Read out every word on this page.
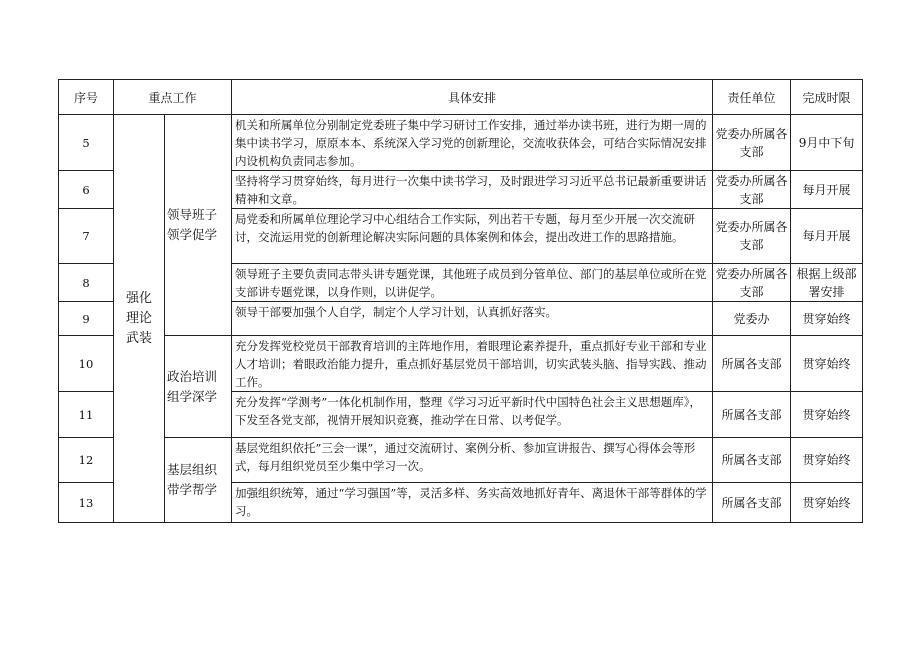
序号	重点工作		具体安排	责任单位	完成时限
5	强化理论武装	领导班子领学促学	机关和所属单位分别制定党委班子集中学习研讨工作安排，通过举办读书班，进行为期一周的集中读书学习，原原本本、系统深入学习党的创新理论，交流收获体会，可结合实际情况安排内设机构负责同志参加。	党委办所属各支部	9月中下旬
6			坚持将学习贯穿始终，每月进行一次集中读书学习，及时跟进学习习近平总书记最新重要讲话精神和文章。	党委办所属各支部	每月开展
7			局党委和所属单位理论学习中心组结合工作实际，列出若干专题，每月至少开展一次交流研讨，交流运用党的创新理论解决实际问题的具体案例和体会，提出改进工作的思路措施。	党委办所属各支部	每月开展
8			领导班子主要负责同志带头讲专题党课，其他班子成员到分管单位、部门的基层单位或所在党支部讲专题党课，以身作则，以讲促学。	党委办所属各支部	根据上级部署安排
9			领导干部要加强个人自学，制定个人学习计划，认真抓好落实。	党委办	贯穿始终
10		政治培训组学深学	充分发挥党校党员干部教育培训的主阵地作用，着眼理论素养提升，重点抓好专业干部和专业人才培训；着眼政治能力提升，重点抓好基层党员干部培训，切实武装头脑、指导实践、推动工作。	所属各支部	贯穿始终
11			充分发挥“学测考”一体化机制作用，整理《学习习近平新时代中国特色社会主义思想题库》，下发至各党支部，视情开展知识竞赛，推动学在日常、以考促学。	所属各支部	贯穿始终
12		基层组织带学帮学	基层党组织依托”三会一课”，通过交流研讨、案例分析、参加宣讲报告、撰写心得体会等形式，每月组织党员至少集中学习一次。	所属各支部	贯穿始终
13			加强组织统筹，通过“学习强国”等，灵活多样、务实高效地抓好青年、离退休干部等群体的学习。	所属各支部	贯穿始终
